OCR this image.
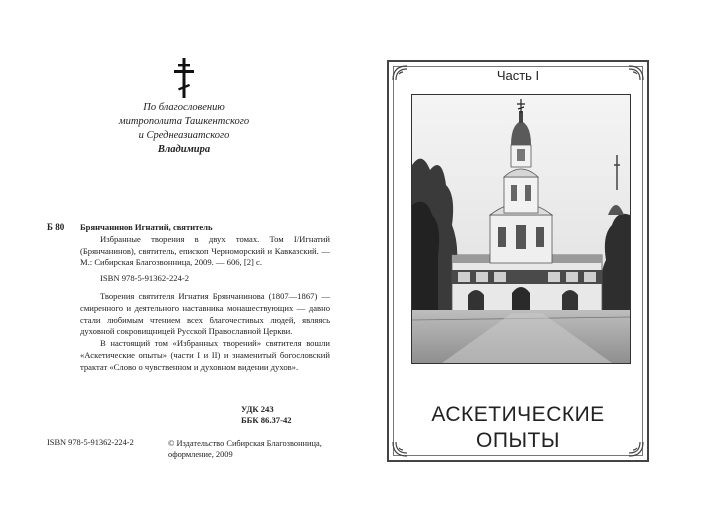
По благословению
митрополита Ташкентского
и Среднеазиатского
Владимира
Б 80 Брянчанинов Игнатий, святитель

Избранные творения в двух томах. Том I/Игнатий (Брянчанинов), святитель, епископ Черноморский и Кавказский. — М.: Сибирская Благозвонница, 2009. — 606, [2] с.

ISBN 978-5-91362-224-2

Творения святителя Игнатия Брянчанинова (1807—1867) — смиренного и деятельного наставника монашествующих — давно стали любимым чтением всех благочестивых людей, являясь духовной сокровищницей Русской Православной Церкви.

В настоящий том «Избранных творений» святителя вошли «Аскетические опыты» (части I и II) и знаменитый богословский трактат «Слово о чувственном и духовном видении духов».

УДК 243
ББК 86.37-42
ISBN 978-5-91362-224-2	© Издательство Сибирская Благозвонница, оформление, 2009
Часть I
АСКЕТИЧЕСКИЕ
ОПЫТЫ
